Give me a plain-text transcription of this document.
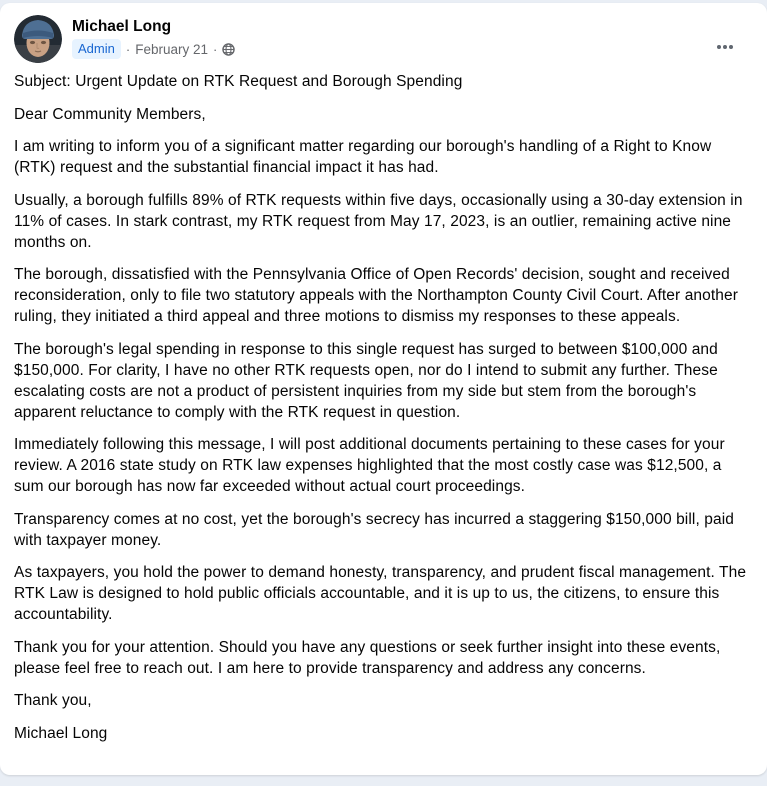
Michael Long
Admin · February 21 ·

Subject: Urgent Update on RTK Request and Borough Spending

Dear Community Members,

I am writing to inform you of a significant matter regarding our borough's handling of a Right to Know (RTK) request and the substantial financial impact it has had.

Usually, a borough fulfills 89% of RTK requests within five days, occasionally using a 30-day extension in 11% of cases. In stark contrast, my RTK request from May 17, 2023, is an outlier, remaining active nine months on.

The borough, dissatisfied with the Pennsylvania Office of Open Records' decision, sought and received reconsideration, only to file two statutory appeals with the Northampton County Civil Court. After another ruling, they initiated a third appeal and three motions to dismiss my responses to these appeals.

The borough's legal spending in response to this single request has surged to between $100,000 and $150,000. For clarity, I have no other RTK requests open, nor do I intend to submit any further. These escalating costs are not a product of persistent inquiries from my side but stem from the borough's apparent reluctance to comply with the RTK request in question.

Immediately following this message, I will post additional documents pertaining to these cases for your review. A 2016 state study on RTK law expenses highlighted that the most costly case was $12,500, a sum our borough has now far exceeded without actual court proceedings.

Transparency comes at no cost, yet the borough's secrecy has incurred a staggering $150,000 bill, paid with taxpayer money.

As taxpayers, you hold the power to demand honesty, transparency, and prudent fiscal management. The RTK Law is designed to hold public officials accountable, and it is up to us, the citizens, to ensure this accountability.

Thank you for your attention. Should you have any questions or seek further insight into these events, please feel free to reach out. I am here to provide transparency and address any concerns.

Thank you,

Michael Long
